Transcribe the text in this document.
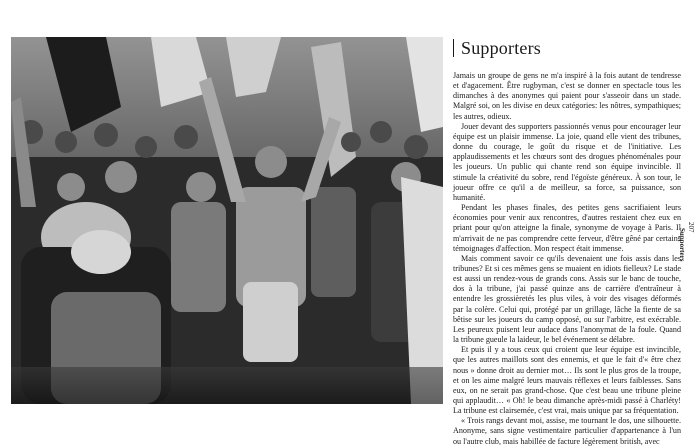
Supporters

Jamais un groupe de gens ne m'a inspiré à la fois autant de tendresse et d'agacement. Être rugbyman, c'est se donner en spectacle tous les dimanches à des anonymes qui paient pour s'asseoir dans un stade. Malgré soi, on les divise en deux catégories: les nôtres, sympathiques; les autres, odieux.

Jouer devant des supporters passionnés venus pour encourager leur équipe est un plaisir immense. La joie, quand elle vient des tribunes, donne du courage, le goût du risque et de l'initiative. Les applaudissements et les chœurs sont des drogues phénoménales pour les joueurs. Un public qui chante rend son équipe invincible. Il stimule la créativité du sobre, rend l'égoïste généreux. À son tour, le joueur offre ce qu'il a de meilleur, sa force, sa puissance, son humanité.

Pendant les phases finales, des petites gens sacrifiaient leurs économies pour venir aux rencontres, d'autres restaient chez eux en priant pour qu'on atteigne la finale, synonyme de voyage à Paris. Il m'arrivait de ne pas comprendre cette ferveur, d'être gêné par certains témoignages d'affection. Mon respect était immense.

Mais comment savoir ce qu'ils devenaient une fois assis dans les tribunes? Et si ces mêmes gens se muaient en idiots fielleux? Le stade est aussi un rendez-vous de grands cons. Assis sur le banc de touche, dos à la tribune, j'ai passé quinze ans de carrière d'entraîneur à entendre les grossièretés les plus viles, à voir des visages déformés par la colère. Celui qui, protégé par un grillage, lâche la fiente de sa bêtise sur les joueurs du camp opposé, ou sur l'arbitre, est exécrable. Les peureux puisent leur audace dans l'anonymat de la foule. Quand la tribune gueule la laideur, le bel événement se délabre.

Et puis il y a tous ceux qui croient que leur équipe est invincible, que les autres maillots sont des ennemis, et que le fait d'« être chez nous » donne droit au dernier mot… Ils sont le plus gros de la troupe, et on les aime malgré leurs mauvais réflexes et leurs faiblesses. Sans eux, on ne serait pas grand-chose. Que c'est beau une tribune pleine qui applaudit… « Oh! le beau dimanche après-midi passé à Charléty! La tribune est clairsemée, c'est vrai, mais unique par sa fréquentation.

« Trois rangs devant moi, assise, me tournant le dos, une silhouette. Anonyme, sans signe vestimentaire particulier d'appartenance à l'un ou l'autre club, mais habillée de facture légèrement british, avec

207
Supporters
